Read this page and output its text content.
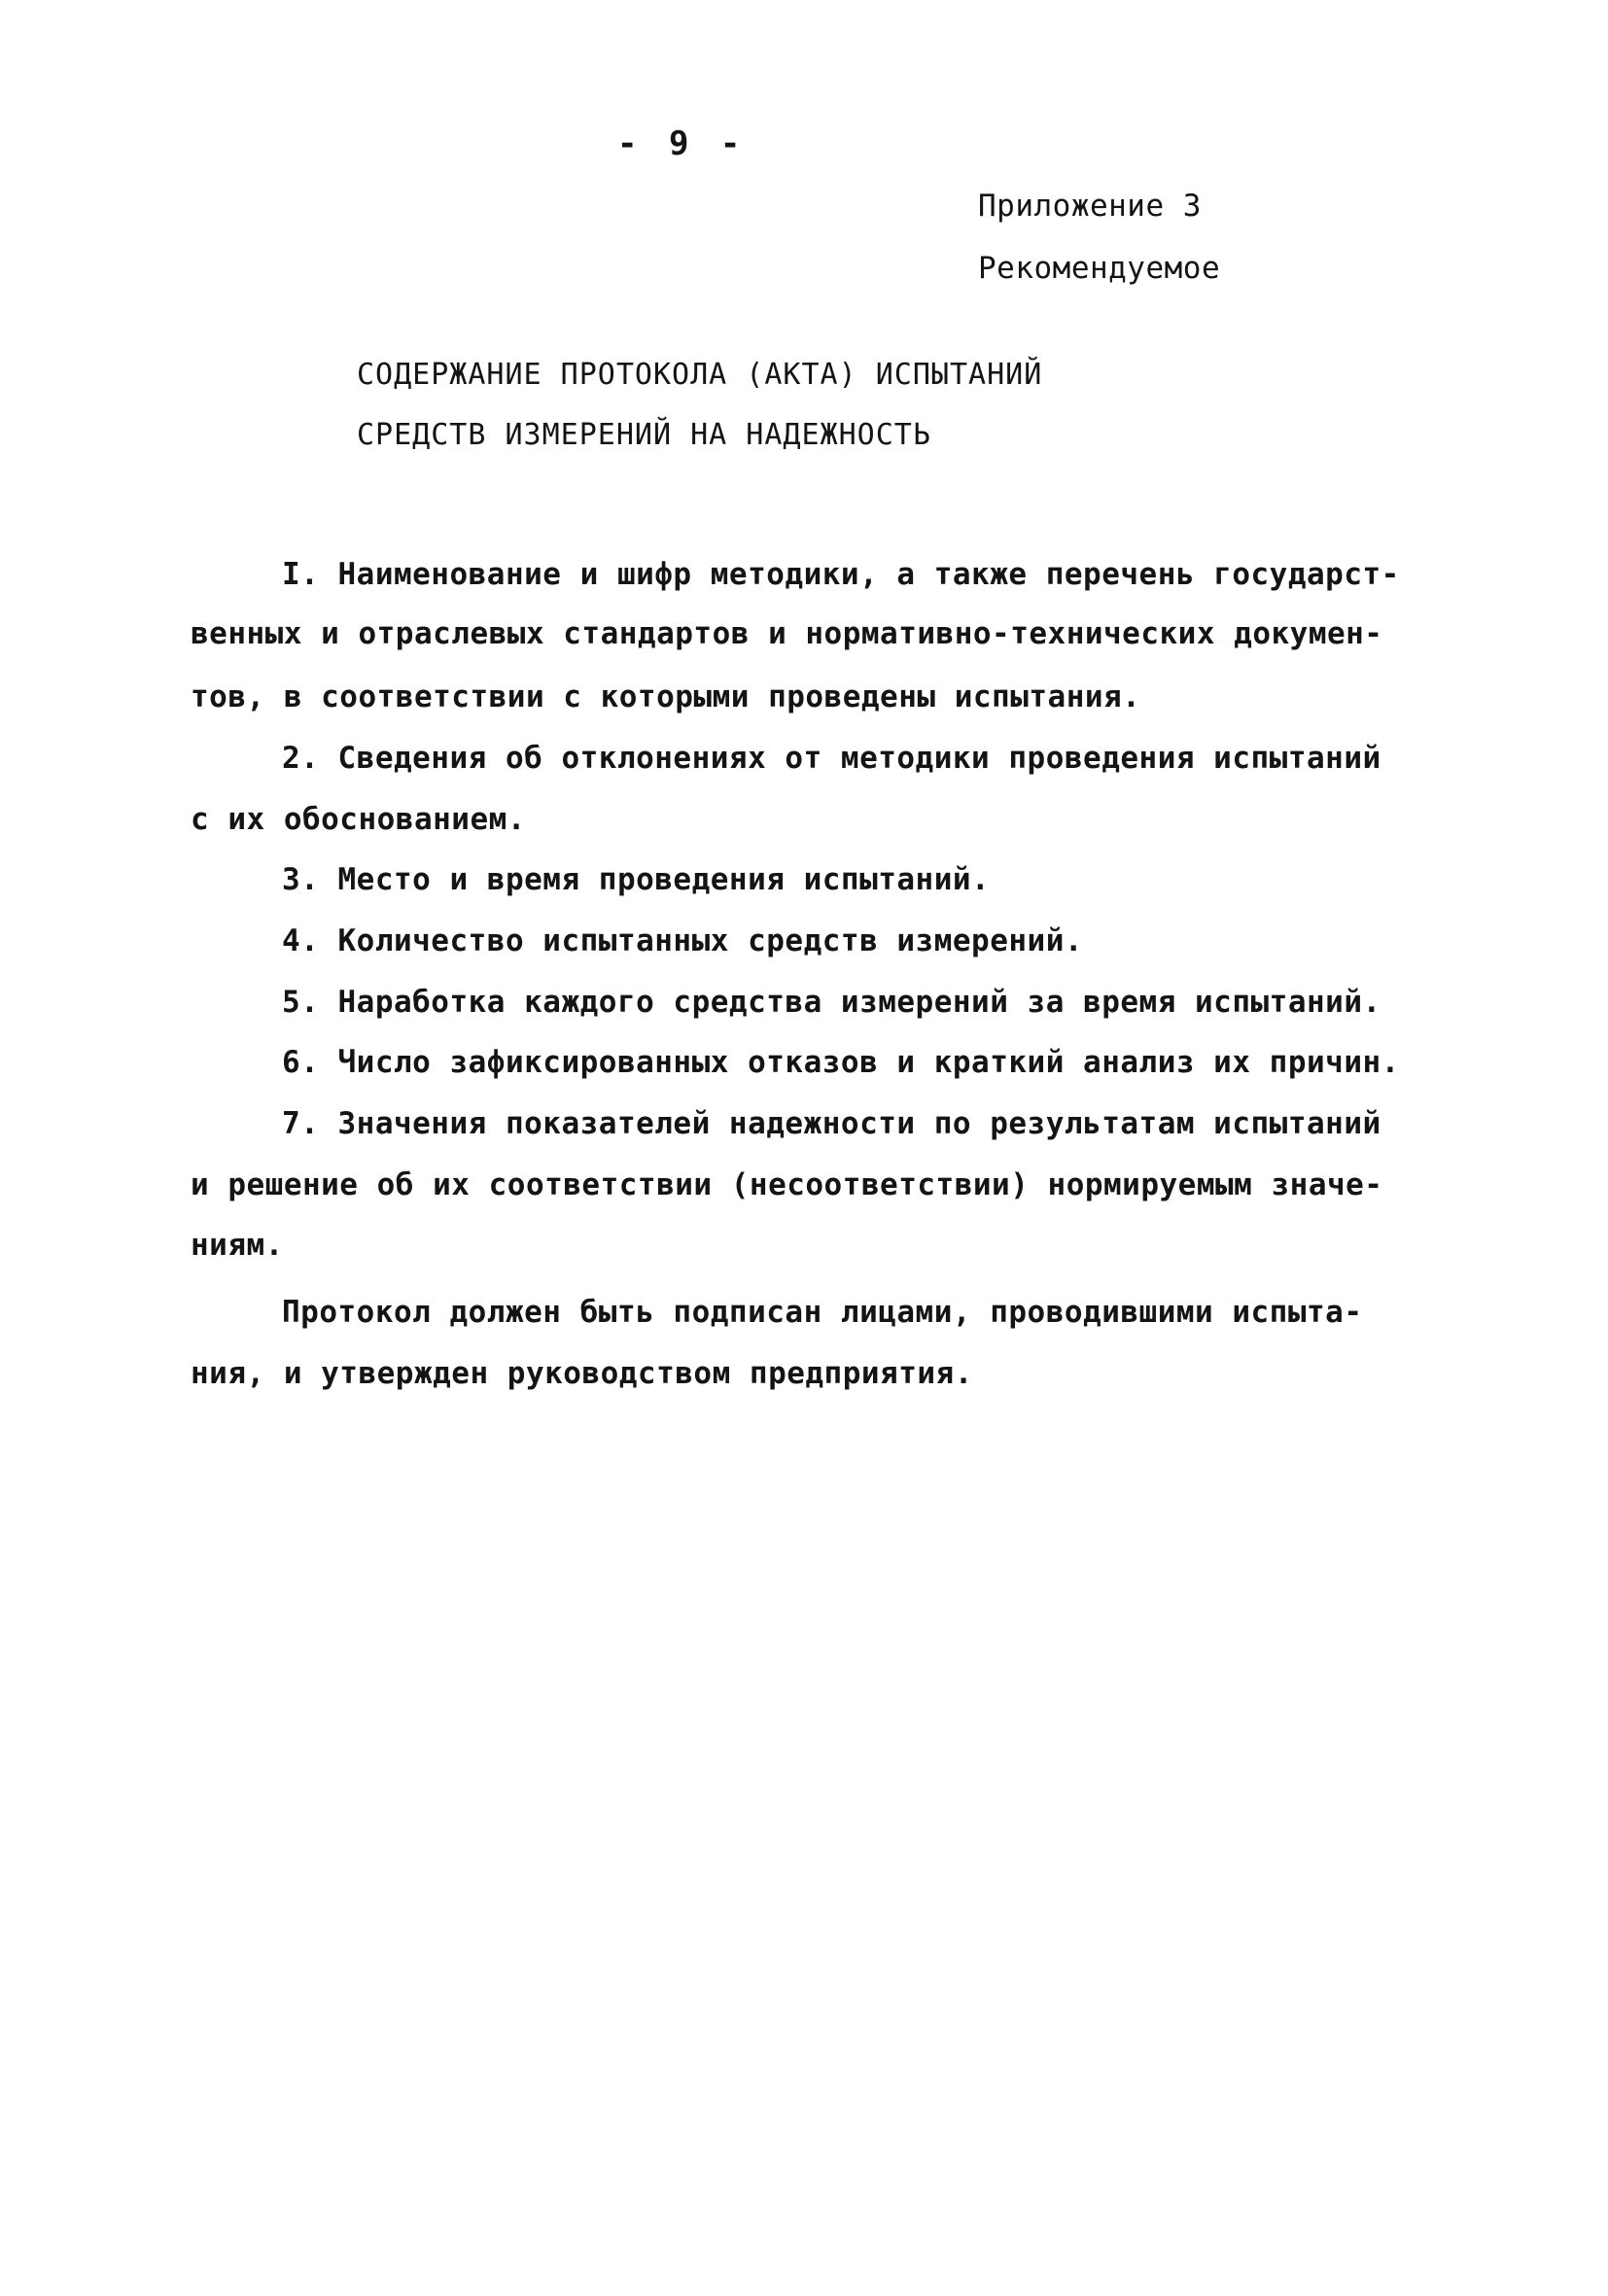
- 9 -
Приложение 3
Рекомендуемое
СОДЕРЖАНИЕ ПРОТОКОЛА (АКТА) ИСПЫТАНИЙ
СРЕДСТВ ИЗМЕРЕНИЙ НА НАДЕЖНОСТЬ
I. Наименование и шифр методики, а также перечень государст-
венных и отраслевых стандартов и нормативно-технических докумен-
тов, в соответствии с которыми проведены испытания.
2. Сведения об отклонениях от методики проведения испытаний
с их обоснованием.
3. Место и время проведения испытаний.
4. Количество испытанных средств измерений.
5. Наработка каждого средства измерений за время испытаний.
6. Число зафиксированных отказов и краткий анализ их причин.
7. Значения показателей надежности по результатам испытаний
и решение об их соответствии (несоответствии) нормируемым значе-
ниям.
Протокол должен быть подписан лицами, проводившими испыта-
ния, и утвержден руководством предприятия.
